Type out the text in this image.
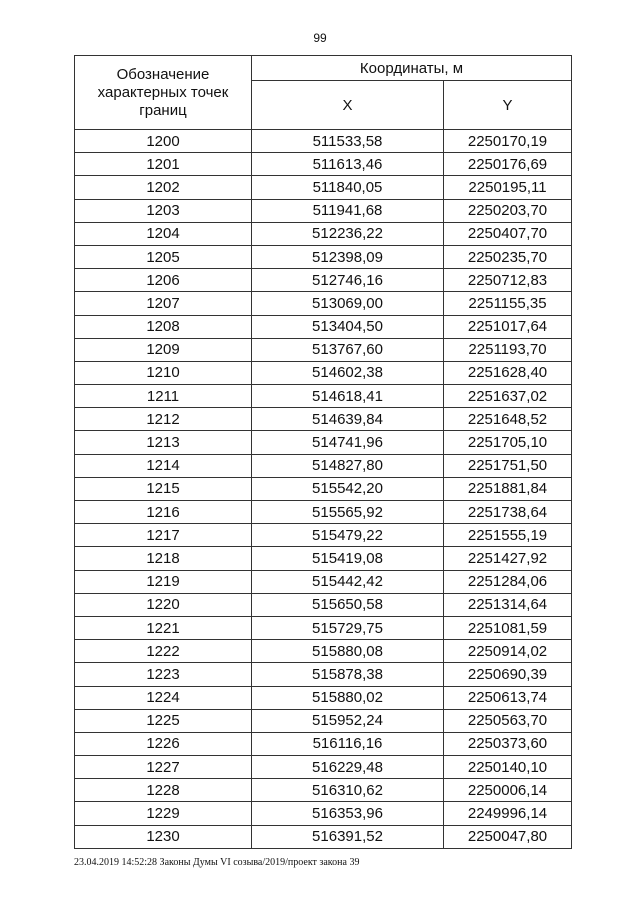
99
Обозначение характерных точек границ	Координаты, м	
	X	Y
1200	511533,58	2250170,19
1201	511613,46	2250176,69
1202	511840,05	2250195,11
1203	511941,68	2250203,70
1204	512236,22	2250407,70
1205	512398,09	2250235,70
1206	512746,16	2250712,83
1207	513069,00	2251155,35
1208	513404,50	2251017,64
1209	513767,60	2251193,70
1210	514602,38	2251628,40
1211	514618,41	2251637,02
1212	514639,84	2251648,52
1213	514741,96	2251705,10
1214	514827,80	2251751,50
1215	515542,20	2251881,84
1216	515565,92	2251738,64
1217	515479,22	2251555,19
1218	515419,08	2251427,92
1219	515442,42	2251284,06
1220	515650,58	2251314,64
1221	515729,75	2251081,59
1222	515880,08	2250914,02
1223	515878,38	2250690,39
1224	515880,02	2250613,74
1225	515952,24	2250563,70
1226	516116,16	2250373,60
1227	516229,48	2250140,10
1228	516310,62	2250006,14
1229	516353,96	2249996,14
1230	516391,52	2250047,80
23.04.2019 14:52:28 Законы Думы VI созыва/2019/проект закона 39
